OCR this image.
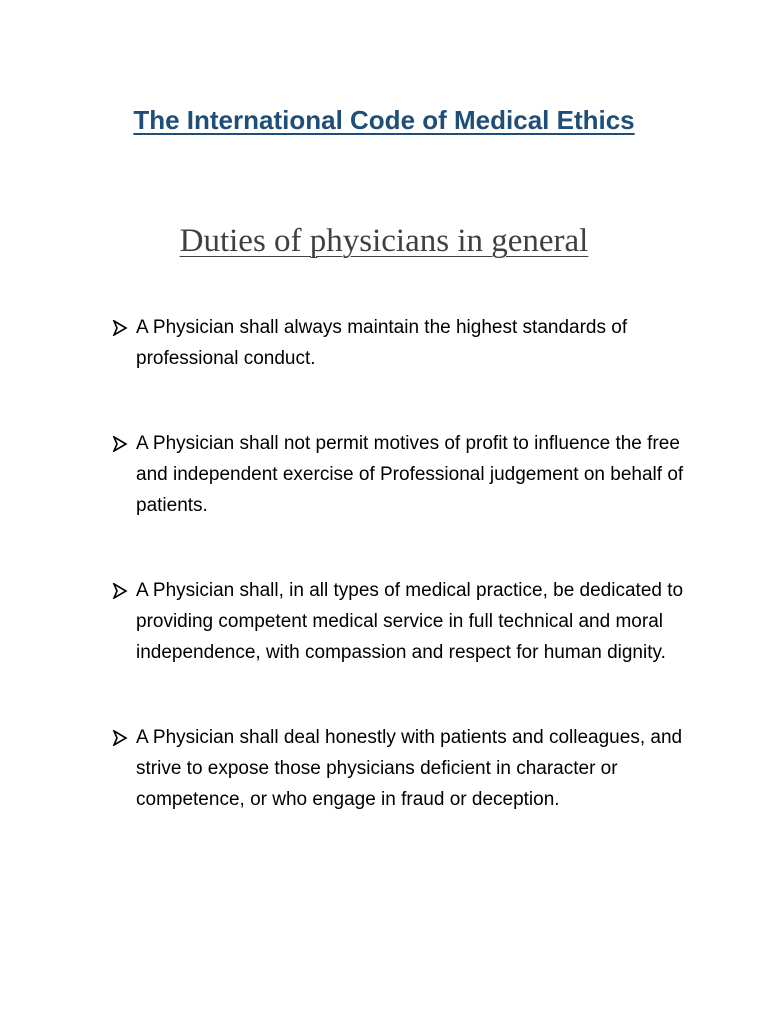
The International Code of Medical Ethics
Duties of physicians in general
A Physician shall always maintain the highest standards of professional conduct.
A Physician shall not permit motives of profit to influence the free and independent exercise of Professional judgement on behalf of patients.
A Physician shall, in all types of medical practice, be dedicated to providing competent medical service in full technical and moral independence, with compassion and respect for human dignity.
A Physician shall deal honestly with patients and colleagues, and strive to expose those physicians deficient in character or competence, or who engage in fraud or deception.
